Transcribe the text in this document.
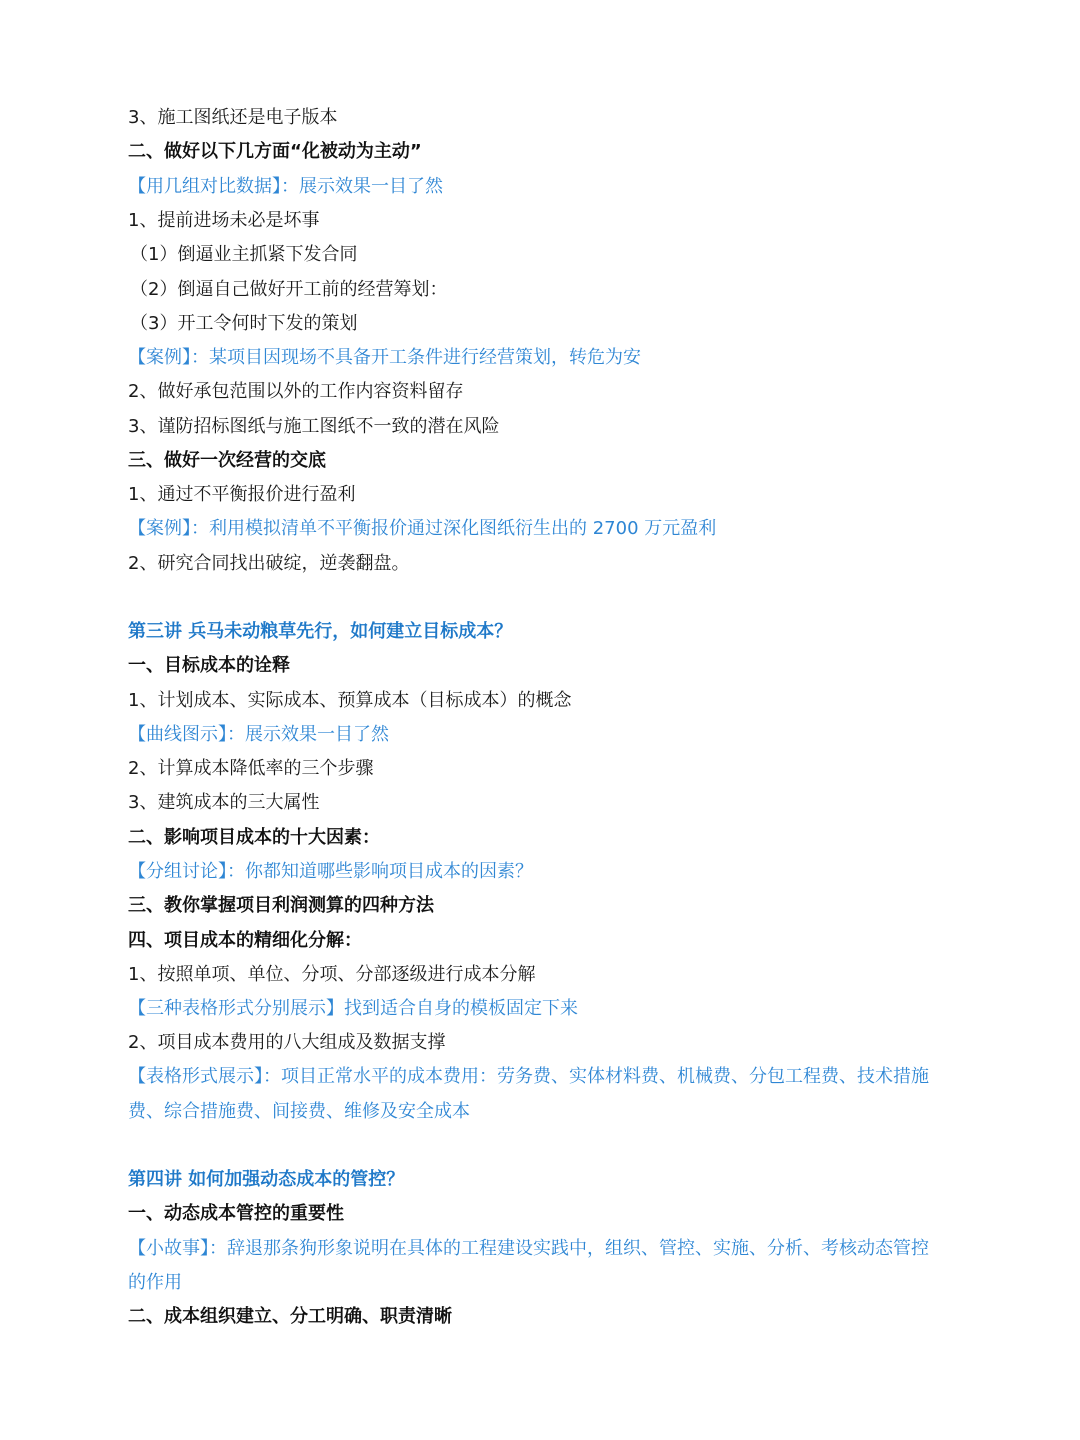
3、施工图纸还是电子版本
二、做好以下几方面“化被动为主动”
【用几组对比数据】：展示效果一目了然
1、提前进场未必是坏事
（1）倒逼业主抓紧下发合同
（2）倒逼自己做好开工前的经营筹划：
（3）开工令何时下发的策划
【案例】：某项目因现场不具备开工条件进行经营策划，转危为安
2、做好承包范围以外的工作内容资料留存
3、谨防招标图纸与施工图纸不一致的潜在风险
三、做好一次经营的交底
1、通过不平衡报价进行盈利
【案例】：利用模拟清单不平衡报价通过深化图纸衍生出的 2700 万元盈利
2、研究合同找出破绽，逆袭翻盘。
第三讲 兵马未动粮草先行，如何建立目标成本？
一、目标成本的诠释
1、计划成本、实际成本、预算成本（目标成本）的概念
【曲线图示】：展示效果一目了然
2、计算成本降低率的三个步骤
3、建筑成本的三大属性
二、影响项目成本的十大因素：
【分组讨论】：你都知道哪些影响项目成本的因素？
三、教你掌握项目利润测算的四种方法
四、项目成本的精细化分解：
1、按照单项、单位、分项、分部逐级进行成本分解
【三种表格形式分别展示】找到适合自身的模板固定下来
2、项目成本费用的八大组成及数据支撑
【表格形式展示】：项目正常水平的成本费用：劳务费、实体材料费、机械费、分包工程费、技术措施
费、综合措施费、间接费、维修及安全成本
第四讲 如何加强动态成本的管控？
一、动态成本管控的重要性
【小故事】：辞退那条狗形象说明在具体的工程建设实践中，组织、管控、实施、分析、考核动态管控
的作用
二、成本组织建立、分工明确、职责清晰
